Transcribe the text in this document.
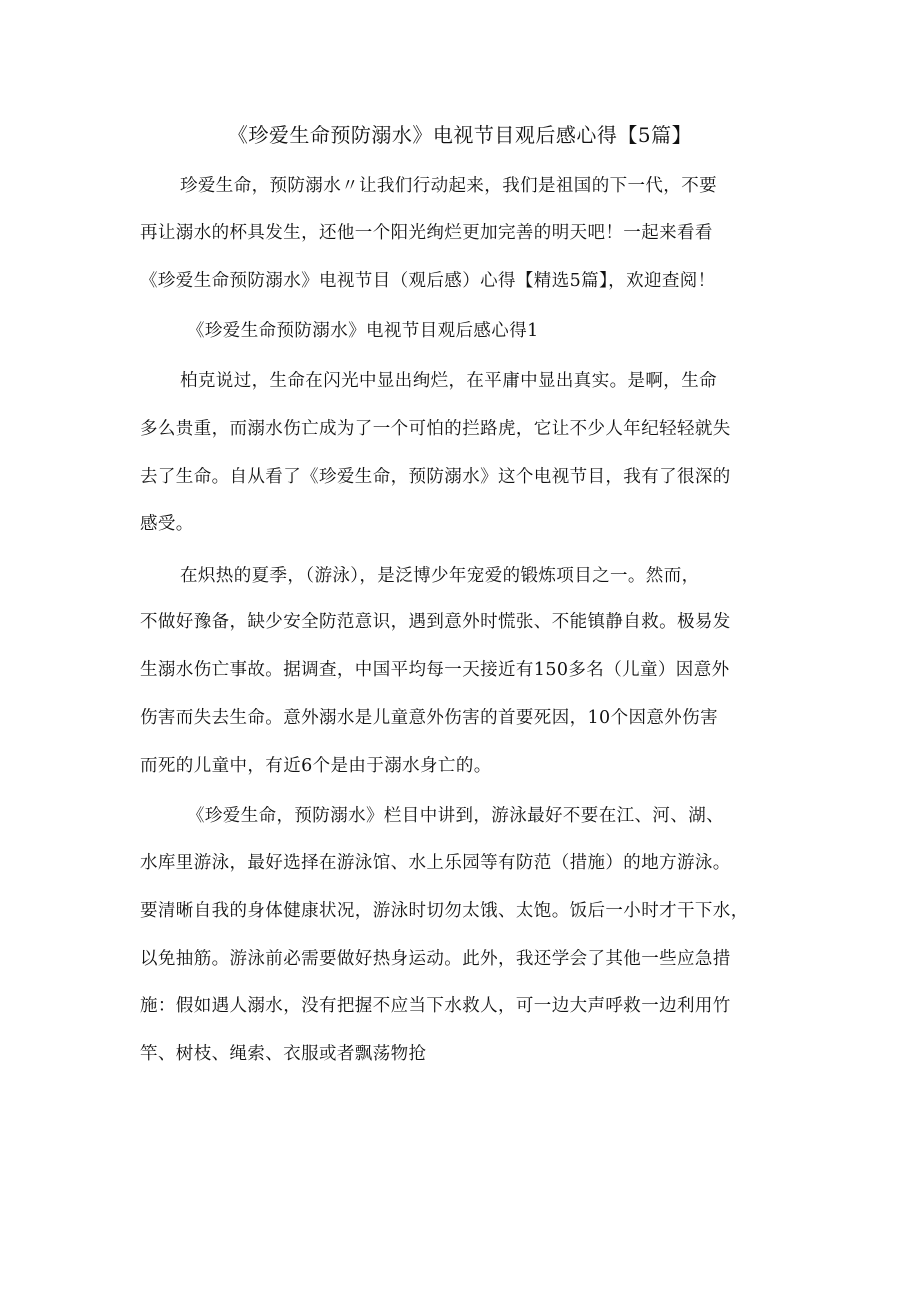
《珍爱生命预防溺水》电视节目观后感心得【5篇】
珍爱生命，预防溺水〃让我们行动起来，我们是祖国的下一代，不要
再让溺水的杯具发生，还他一个阳光绚烂更加完善的明天吧！一起来看看
《珍爱生命预防溺水》电视节目（观后感）心得【精选5篇】，欢迎查阅！
《珍爱生命预防溺水》电视节目观后感心得1
柏克说过，生命在闪光中显出绚烂，在平庸中显出真实。是啊，生命
多么贵重，而溺水伤亡成为了一个可怕的拦路虎，它让不少人年纪轻轻就失
去了生命。自从看了《珍爱生命，预防溺水》这个电视节目，我有了很深的
感受。
在炽热的夏季，（游泳），是泛博少年宠爱的锻炼项目之一。然而，
不做好豫备，缺少安全防范意识，遇到意外时慌张、不能镇静自救。极易发
生溺水伤亡事故。据调查，中国平均每一天接近有150多名（儿童）因意外
伤害而失去生命。意外溺水是儿童意外伤害的首要死因，10个因意外伤害
而死的儿童中，有近6个是由于溺水身亡的。
《珍爱生命，预防溺水》栏目中讲到，游泳最好不要在江、河、湖、
水库里游泳，最好选择在游泳馆、水上乐园等有防范（措施）的地方游泳。
要清晰自我的身体健康状况，游泳时切勿太饿、太饱。饭后一小时才干下水，
以免抽筋。游泳前必需要做好热身运动。此外，我还学会了其他一些应急措
施：假如遇人溺水，没有把握不应当下水救人，可一边大声呼救一边利用竹
竿、树枝、绳索、衣服或者飘荡物抢
